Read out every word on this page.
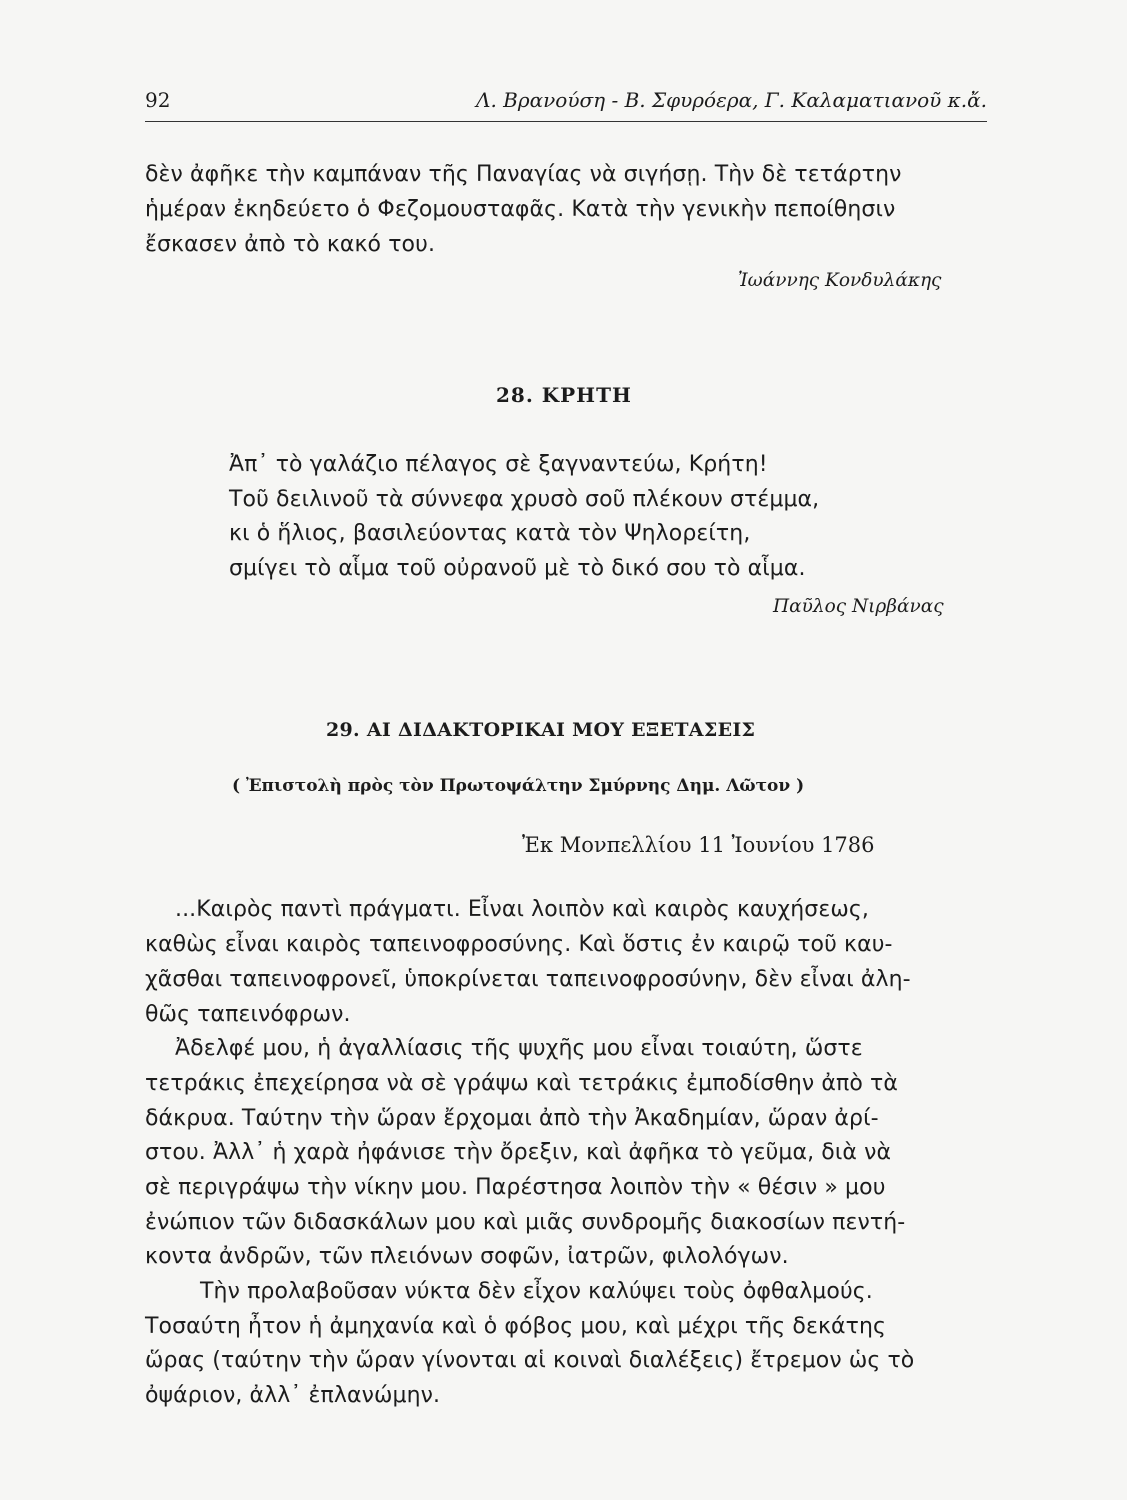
92	Λ. Βρανούση - Β. Σφυρόερα, Γ. Καλαματιανοῦ κ.ἄ.
δὲν ἀφῆκε τὴν καμπάναν τῆς Παναγίας νὰ σιγήσῃ. Τὴν δὲ τετάρτην
ἡμέραν ἐκηδεύετο ὁ Φεζομουσταφᾶς. Κατὰ τὴν γενικὴν πεποίθησιν
ἔσκασεν ἀπὸ τὸ κακό του.
Ἰωάννης Κονδυλάκης
28. ΚΡΗΤΗ
Ἀπ᾽ τὸ γαλάζιο πέλαγος σὲ ξαγναντεύω, Κρήτη!
Τοῦ δειλινοῦ τὰ σύννεφα χρυσὸ σοῦ πλέκουν στέμμα,
κι ὁ ἥλιος, βασιλεύοντας κατὰ τὸν Ψηλορείτη,
σμίγει τὸ αἷμα τοῦ οὐρανοῦ μὲ τὸ δικό σου τὸ αἷμα.
Παῦλος Νιρβάνας
29. ΑΙ ΔΙΔΑΚΤΟΡΙΚΑΙ ΜΟΥ ΕΞΕΤΑΣΕΙΣ
( Ἐπιστολὴ πρὸς τὸν Πρωτοψάλτην Σμύρνης Δημ. Λῶτον )
Ἐκ Μονπελλίου 11 Ἰουνίου 1786
...Καιρὸς παντὶ πράγματι. Εἶναι λοιπὸν καὶ καιρὸς καυχήσεως,
καθὼς εἶναι καιρὸς ταπεινοφροσύνης. Καὶ ὅστις ἐν καιρῷ τοῦ καυ-
χᾶσθαι ταπεινοφρονεῖ, ὑποκρίνεται ταπεινοφροσύνην, δὲν εἶναι ἀλη-
θῶς ταπεινόφρων.
Ἀδελφέ μου, ἡ ἀγαλλίασις τῆς ψυχῆς μου εἶναι τοιαύτη, ὥστε
τετράκις ἐπεχείρησα νὰ σὲ γράψω καὶ τετράκις ἐμποδίσθην ἀπὸ τὰ
δάκρυα. Ταύτην τὴν ὥραν ἔρχομαι ἀπὸ τὴν Ἀκαδημίαν, ὥραν ἀρί-
στου. Ἀλλ᾽ ἡ χαρὰ ἠφάνισε τὴν ὄρεξιν, καὶ ἀφῆκα τὸ γεῦμα, διὰ νὰ
σὲ περιγράψω τὴν νίκην μου. Παρέστησα λοιπὸν τὴν « θέσιν » μου
ἐνώπιον τῶν διδασκάλων μου καὶ μιᾶς συνδρομῆς διακοσίων πεντή-
κοντα ἀνδρῶν, τῶν πλειόνων σοφῶν, ἰατρῶν, φιλολόγων.
Τὴν προλαβοῦσαν νύκτα δὲν εἶχον καλύψει τοὺς ὀφθαλμούς.
Τοσαύτη ἦτον ἡ ἀμηχανία καὶ ὁ φόβος μου, καὶ μέχρι τῆς δεκάτης
ὥρας (ταύτην τὴν ὥραν γίνονται αἱ κοιναὶ διαλέξεις) ἔτρεμον ὡς τὸ
ὀψάριον, ἀλλ᾽ ἐπλανώμην.
